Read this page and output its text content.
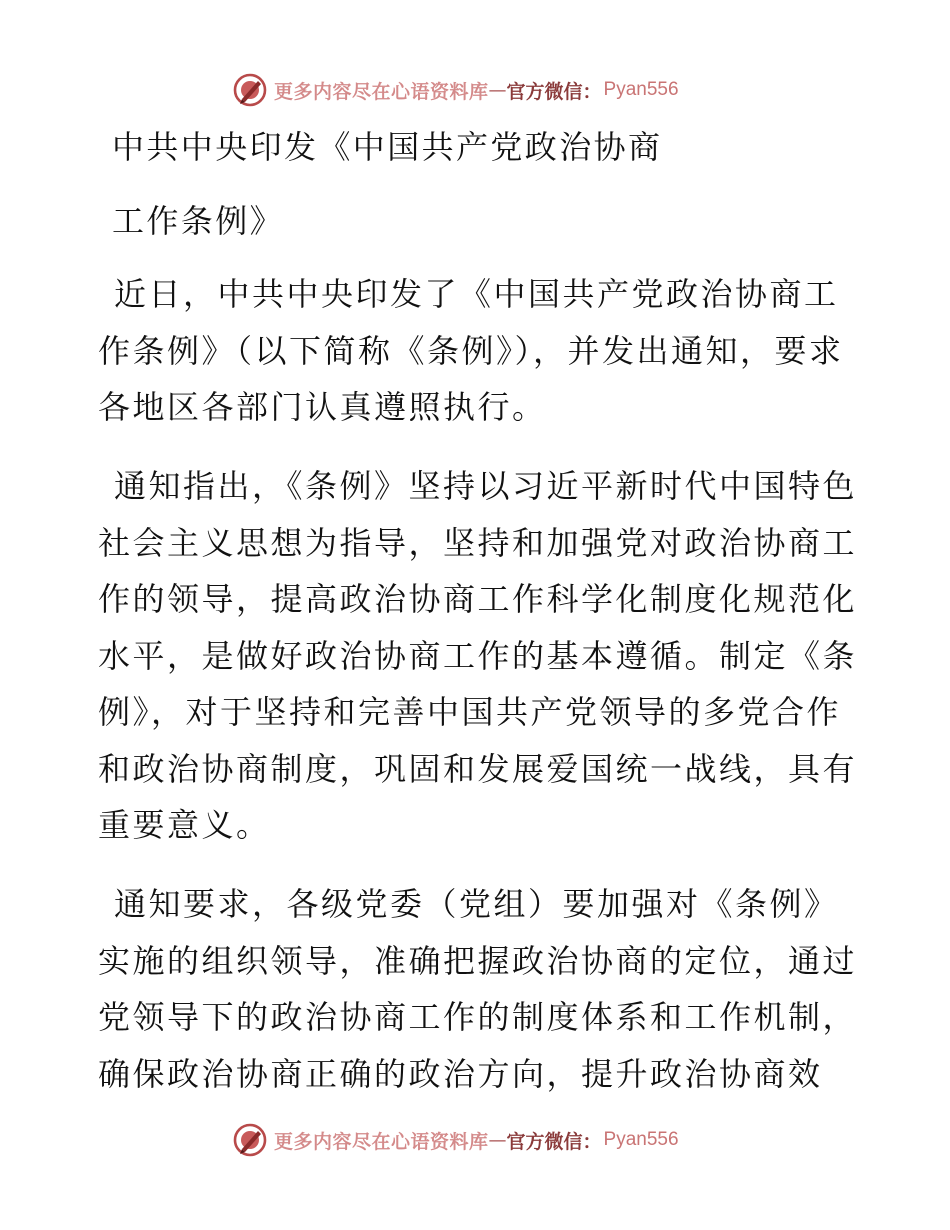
更多内容尽在心语资料库 — 官方微信： Pyan556
中共中央印发《中国共产党政治协商
工作条例》

近日，中共中央印发了《中国共产党政治协商工作条例》（以下简称《条例》），并发出通知，要求各地区各部门认真遵照执行。

通知指出，《条例》坚持以习近平新时代中国特色社会主义思想为指导，坚持和加强党对政治协商工作的领导，提高政治协商工作科学化制度化规范化水平，是做好政治协商工作的基本遵循。制定《条例》，对于坚持和完善中国共产党领导的多党合作和政治协商制度，巩固和发展爱国统一战线，具有重要意义。

通知要求，各级党委（党组）要加强对《条例》实施的组织领导，准确把握政治协商的定位，通过党领导下的政治协商工作的制度体系和工作机制，确保政治协商正确的政治方向，提升政治协商效

更多内容尽在心语资料库 — 官方微信： Pyan556
